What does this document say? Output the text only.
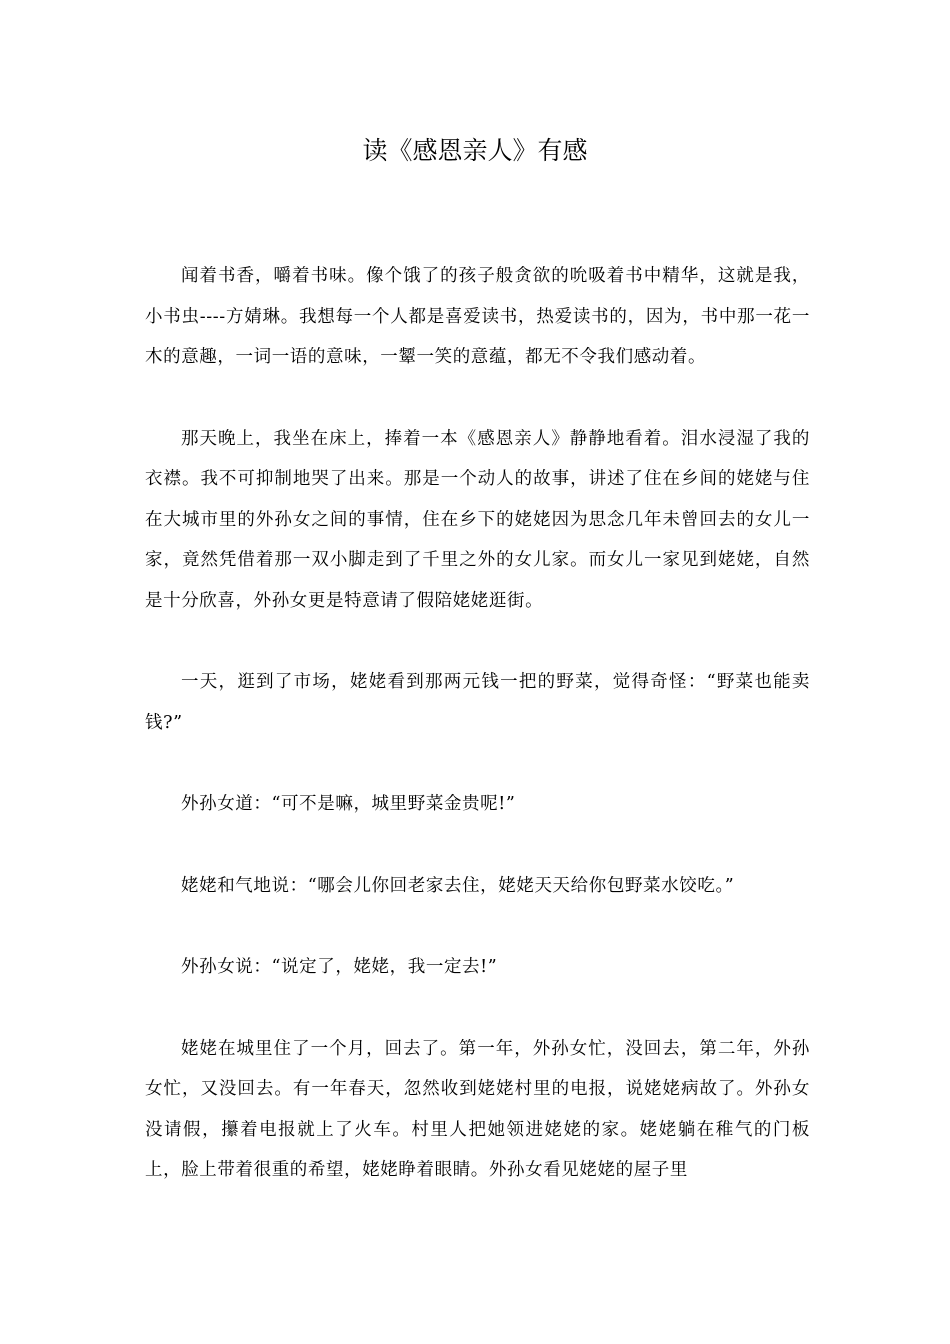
读《感恩亲人》有感

闻着书香，嚼着书味。像个饿了的孩子般贪欲的吮吸着书中精华，这就是我，小书虫----方婧琳。我想每一个人都是喜爱读书，热爱读书的，因为，书中那一花一木的意趣，一词一语的意味，一颦一笑的意蕴，都无不令我们感动着。

那天晚上，我坐在床上，捧着一本《感恩亲人》静静地看着。泪水浸湿了我的衣襟。我不可抑制地哭了出来。那是一个动人的故事，讲述了住在乡间的姥姥与住在大城市里的外孙女之间的事情，住在乡下的姥姥因为思念几年未曾回去的女儿一家，竟然凭借着那一双小脚走到了千里之外的女儿家。而女儿一家见到姥姥，自然是十分欣喜，外孙女更是特意请了假陪姥姥逛街。

一天，逛到了市场，姥姥看到那两元钱一把的野菜，觉得奇怪：“野菜也能卖钱?”

外孙女道：“可不是嘛，城里野菜金贵呢!”

姥姥和气地说：“哪会儿你回老家去住，姥姥天天给你包野菜水饺吃。”

外孙女说：“说定了，姥姥，我一定去!”

姥姥在城里住了一个月，回去了。第一年，外孙女忙，没回去，第二年，外孙女忙，又没回去。有一年春天，忽然收到姥姥村里的电报，说姥姥病故了。外孙女没请假，攥着电报就上了火车。村里人把她领进姥姥的家。姥姥躺在稚气的门板上，脸上带着很重的希望，姥姥睁着眼睛。外孙女看见姥姥的屋子里
